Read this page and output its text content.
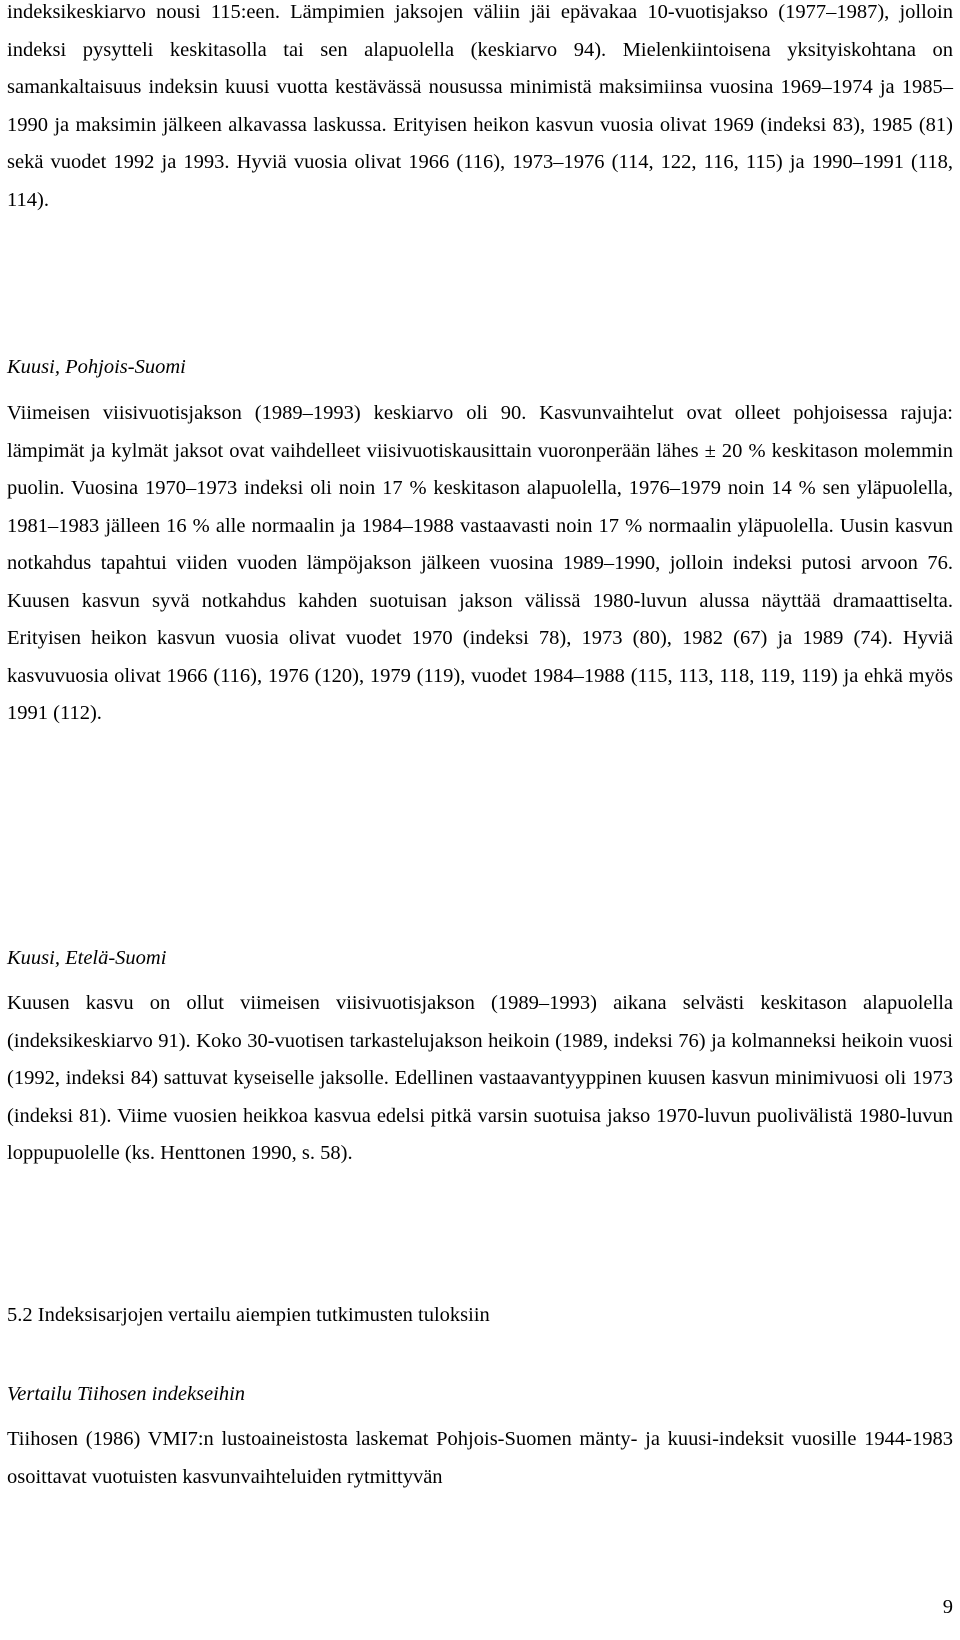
indeksikeskiarvo nousi 115:een. Lämpimien jaksojen väliin jäi epävakaa 10-vuotisjakso (1977–1987), jolloin indeksi pysytteli keskitasolla tai sen alapuolella (keskiarvo 94). Mielenkiintoisena yksityiskohtana on samankaltaisuus indeksin kuusi vuotta kestävässä nousussa minimistä maksimiinsa vuosina 1969–1974 ja 1985–1990 ja maksimin jälkeen alkavassa laskussa. Erityisen heikon kasvun vuosia olivat 1969 (indeksi 83), 1985 (81) sekä vuodet 1992 ja 1993. Hyviä vuosia olivat 1966 (116), 1973–1976 (114, 122, 116, 115) ja 1990–1991 (118, 114).

Kuusi, Pohjois-Suomi

Viimeisen viisivuotisjakson (1989–1993) keskiarvo oli 90. Kasvunvaihtelut ovat olleet pohjoisessa rajuja: lämpimät ja kylmät jaksot ovat vaihdelleet viisivuotiskausittain vuoronperään lähes ± 20 % keskitason molemmin puolin. Vuosina 1970–1973 indeksi oli noin 17 % keskitason alapuolella, 1976–1979 noin 14 % sen yläpuolella, 1981–1983 jälleen 16 % alle normaalin ja 1984–1988 vastaavasti noin 17 % normaalin yläpuolella. Uusin kasvun notkahdus tapahtui viiden vuoden lämpöjakson jälkeen vuosina 1989–1990, jolloin indeksi putosi arvoon 76. Kuusen kasvun syvä notkahdus kahden suotuisan jakson välissä 1980-luvun alussa näyttää dramaattiselta. Erityisen heikon kasvun vuosia olivat vuodet 1970 (indeksi 78), 1973 (80), 1982 (67) ja 1989 (74). Hyviä kasvuvuosia olivat 1966 (116), 1976 (120), 1979 (119), vuodet 1984–1988 (115, 113, 118, 119, 119) ja ehkä myös 1991 (112).

Kuusi, Etelä-Suomi

Kuusen kasvu on ollut viimeisen viisivuotisjakson (1989–1993) aikana selvästi keskitason alapuolella (indeksikeskiarvo 91). Koko 30-vuotisen tarkastelujakson heikoin (1989, indeksi 76) ja kolmanneksi heikoin vuosi (1992, indeksi 84) sattuvat kyseiselle jaksolle. Edellinen vastaavantyyppinen kuusen kasvun minimivuosi oli 1973 (indeksi 81). Viime vuosien heikkoa kasvua edelsi pitkä varsin suotuisa jakso 1970-luvun puolivälistä 1980-luvun loppupuolelle (ks. Henttonen 1990, s. 58).

5.2 Indeksisarjojen vertailu aiempien tutkimusten tuloksiin

Vertailu Tiihosen indekseihin

Tiihosen (1986) VMI7:n lustoaineistosta laskemat Pohjois-Suomen mänty- ja kuusi-indeksit vuosille 1944-1983 osoittavat vuotuisten kasvunvaihteluiden rytmittyvän

9
